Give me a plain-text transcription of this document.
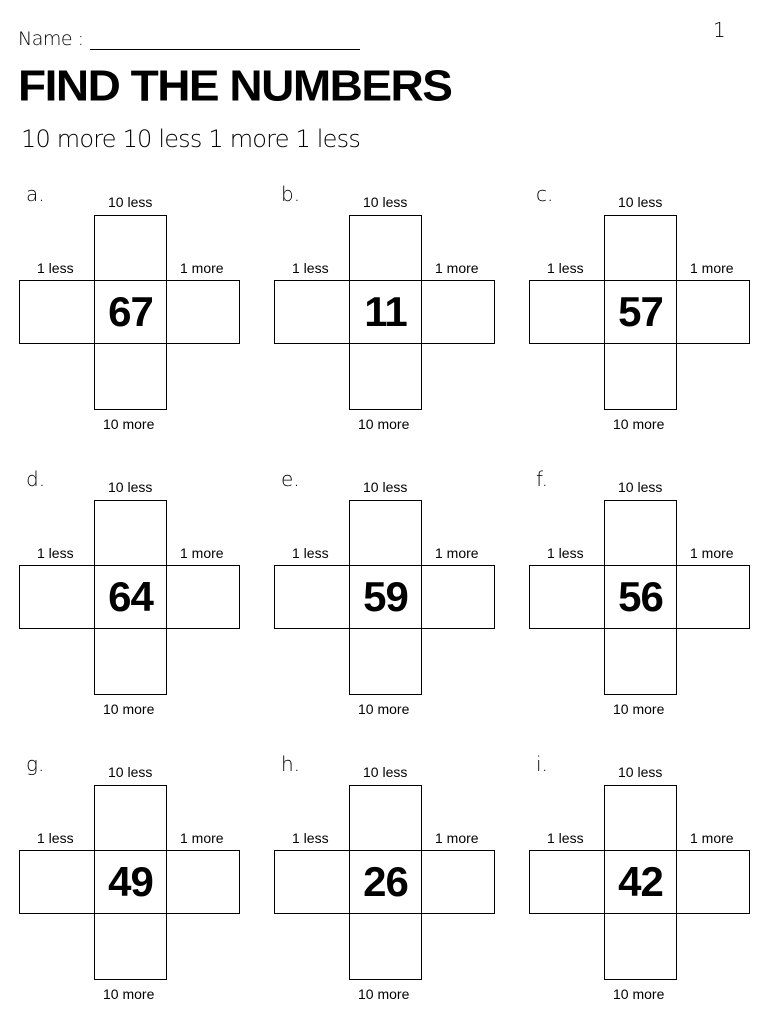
Name :	1
FIND THE NUMBERS
10 more 10 less 1 more 1 less
a.	10 less
1 less	1 more
10 more
67
b.	10 less
1 less	1 more
10 more
11
c.	10 less
1 less	1 more
10 more
57
d.	10 less
1 less	1 more
10 more
64
e.	10 less
1 less	1 more
10 more
59
f.	10 less
1 less	1 more
10 more
56
g.	10 less
1 less	1 more
10 more
49
h.	10 less
1 less	1 more
10 more
26
i.	10 less
1 less	1 more
10 more
42
